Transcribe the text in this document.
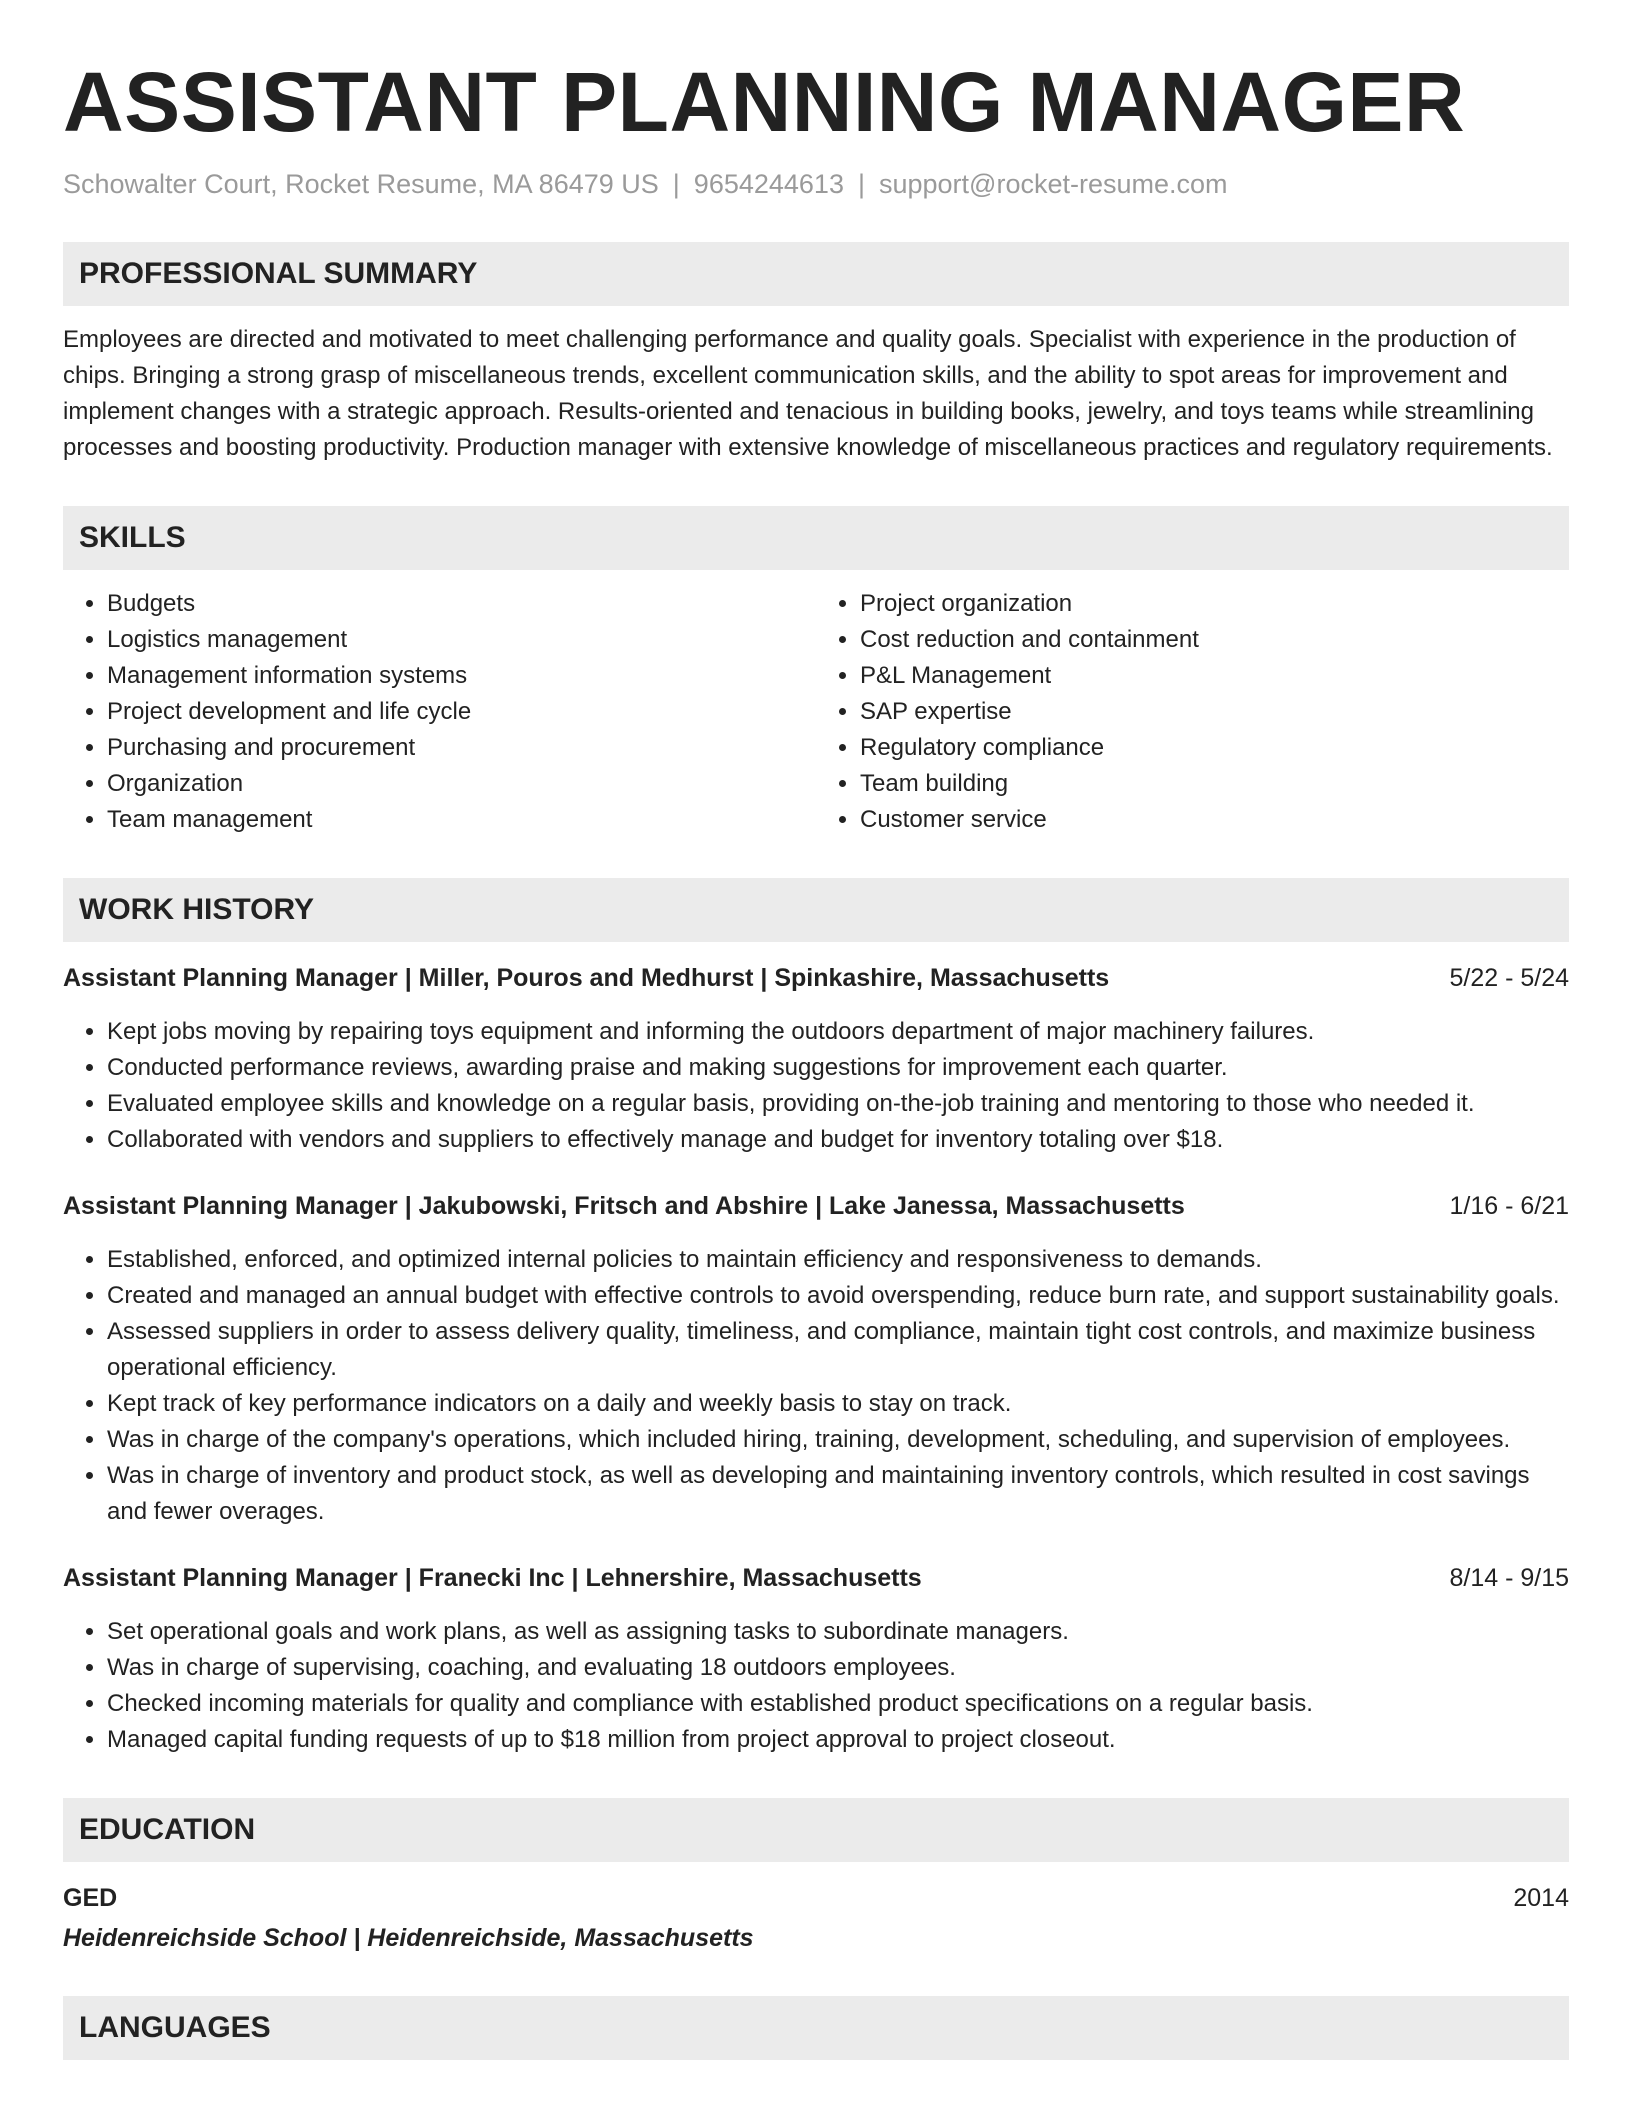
ASSISTANT PLANNING MANAGER
Schowalter Court, Rocket Resume, MA 86479 US | 9654244613 | support@rocket-resume.com
PROFESSIONAL SUMMARY
Employees are directed and motivated to meet challenging performance and quality goals. Specialist with experience in the production of chips. Bringing a strong grasp of miscellaneous trends, excellent communication skills, and the ability to spot areas for improvement and implement changes with a strategic approach. Results-oriented and tenacious in building books, jewelry, and toys teams while streamlining processes and boosting productivity. Production manager with extensive knowledge of miscellaneous practices and regulatory requirements.
SKILLS
• Budgets
• Logistics management
• Management information systems
• Project development and life cycle
• Purchasing and procurement
• Organization
• Team management
• Project organization
• Cost reduction and containment
• P&L Management
• SAP expertise
• Regulatory compliance
• Team building
• Customer service
WORK HISTORY
Assistant Planning Manager | Miller, Pouros and Medhurst | Spinkashire, Massachusetts	5/22 - 5/24
• Kept jobs moving by repairing toys equipment and informing the outdoors department of major machinery failures.
• Conducted performance reviews, awarding praise and making suggestions for improvement each quarter.
• Evaluated employee skills and knowledge on a regular basis, providing on-the-job training and mentoring to those who needed it.
• Collaborated with vendors and suppliers to effectively manage and budget for inventory totaling over $18.
Assistant Planning Manager | Jakubowski, Fritsch and Abshire | Lake Janessa, Massachusetts	1/16 - 6/21
• Established, enforced, and optimized internal policies to maintain efficiency and responsiveness to demands.
• Created and managed an annual budget with effective controls to avoid overspending, reduce burn rate, and support sustainability goals.
• Assessed suppliers in order to assess delivery quality, timeliness, and compliance, maintain tight cost controls, and maximize business operational efficiency.
• Kept track of key performance indicators on a daily and weekly basis to stay on track.
• Was in charge of the company's operations, which included hiring, training, development, scheduling, and supervision of employees.
• Was in charge of inventory and product stock, as well as developing and maintaining inventory controls, which resulted in cost savings and fewer overages.
Assistant Planning Manager | Franecki Inc | Lehnershire, Massachusetts	8/14 - 9/15
• Set operational goals and work plans, as well as assigning tasks to subordinate managers.
• Was in charge of supervising, coaching, and evaluating 18 outdoors employees.
• Checked incoming materials for quality and compliance with established product specifications on a regular basis.
• Managed capital funding requests of up to $18 million from project approval to project closeout.
EDUCATION
GED	2014
Heidenreichside School | Heidenreichside, Massachusetts
LANGUAGES
